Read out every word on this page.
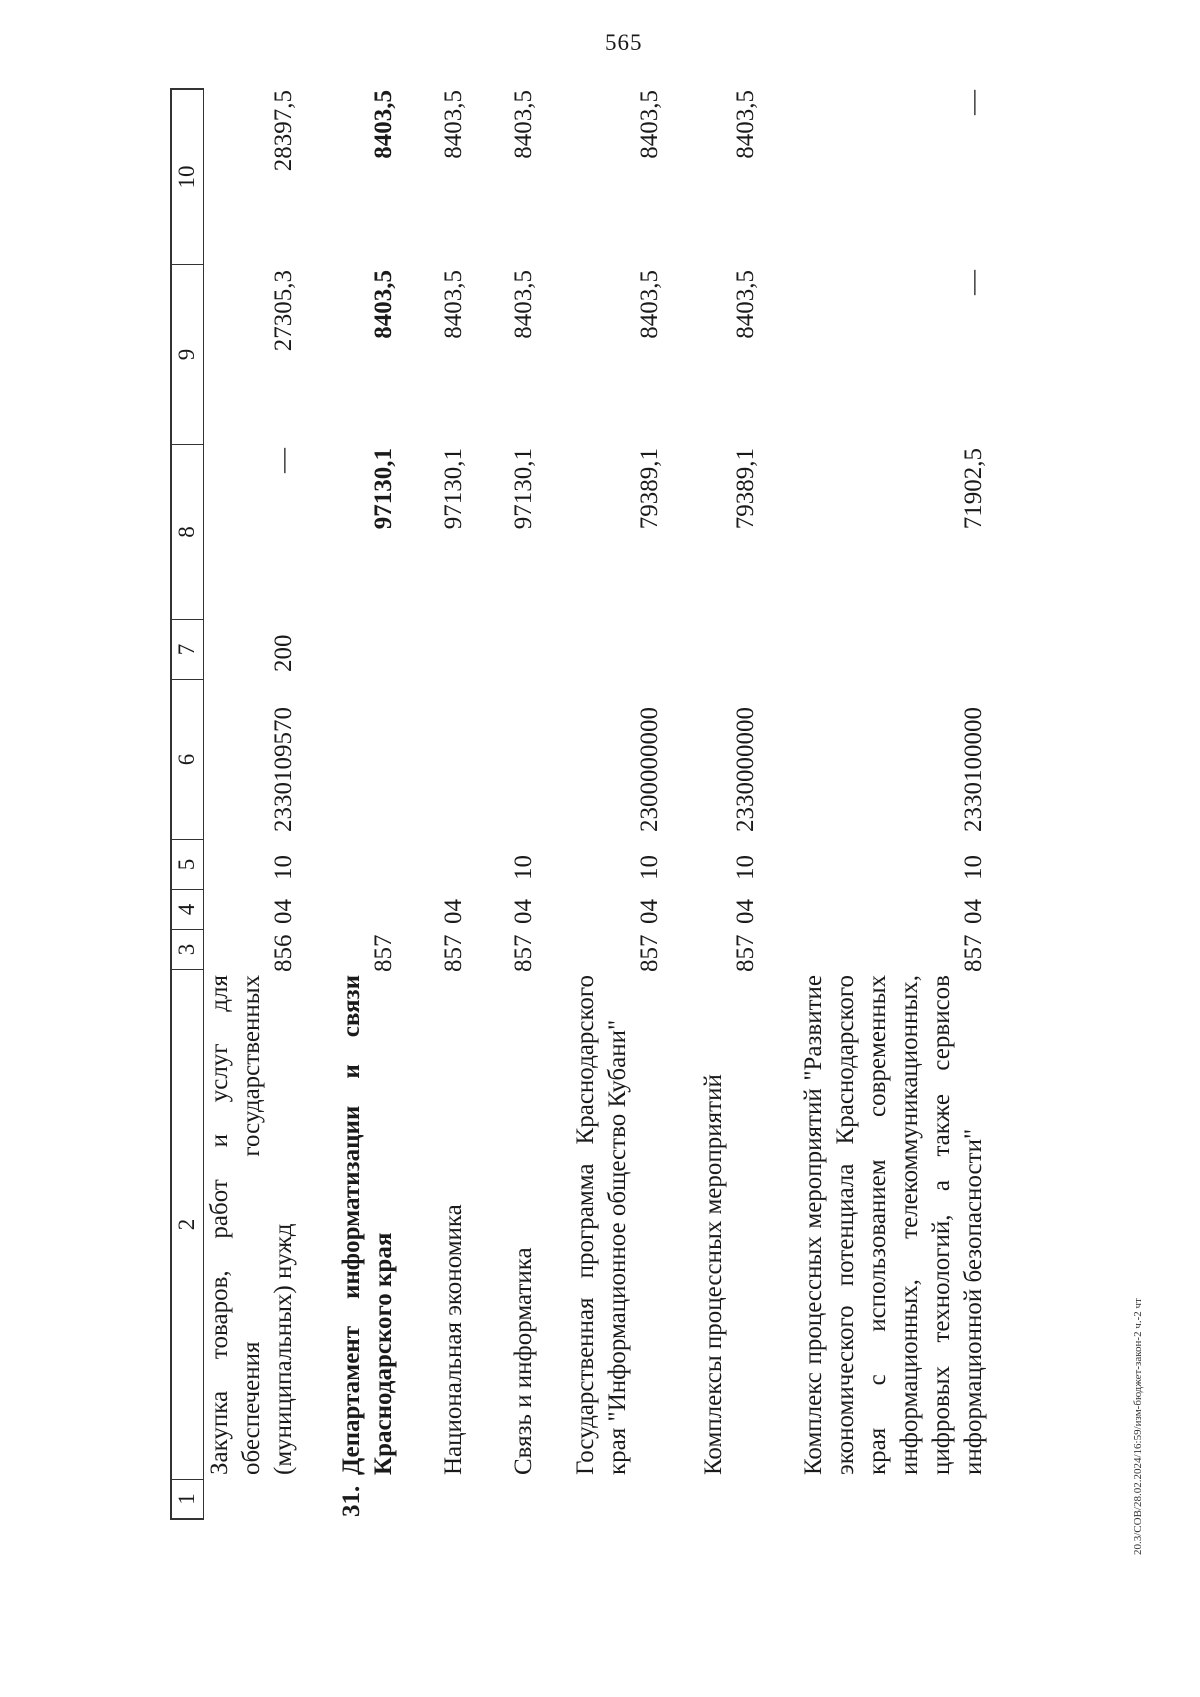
565
1
2
3
4
5
6
7
8
9
10
Закупка товаров, работ и услуг для обеспечения государственных (муниципальных) нужд
856
04
10
2330109570
200
—
27305,3
28397,5
31.
Департамент информатизации и связи Краснодарского края
857
97130,1
8403,5
8403,5
Национальная экономика
857
04
97130,1
8403,5
8403,5
Связь и информатика
857
04
10
97130,1
8403,5
8403,5
Государственная программа Краснодарского края "Информационное общество Кубани"
857
04
10
2300000000
79389,1
8403,5
8403,5
Комплексы процессных мероприятий
857
04
10
2330000000
79389,1
8403,5
8403,5
Комплекс процессных мероприятий "Развитие экономического потенциала Краснодарского края с использованием современных информационных, телекоммуникационных, цифровых технологий, а также сервисов информационной безопасности"
857
04
10
2330100000
71902,5
—
—
20.3/СОВ/28.02.2024/16:59/изм-бюджет-закон-2 ч.-2 чт
